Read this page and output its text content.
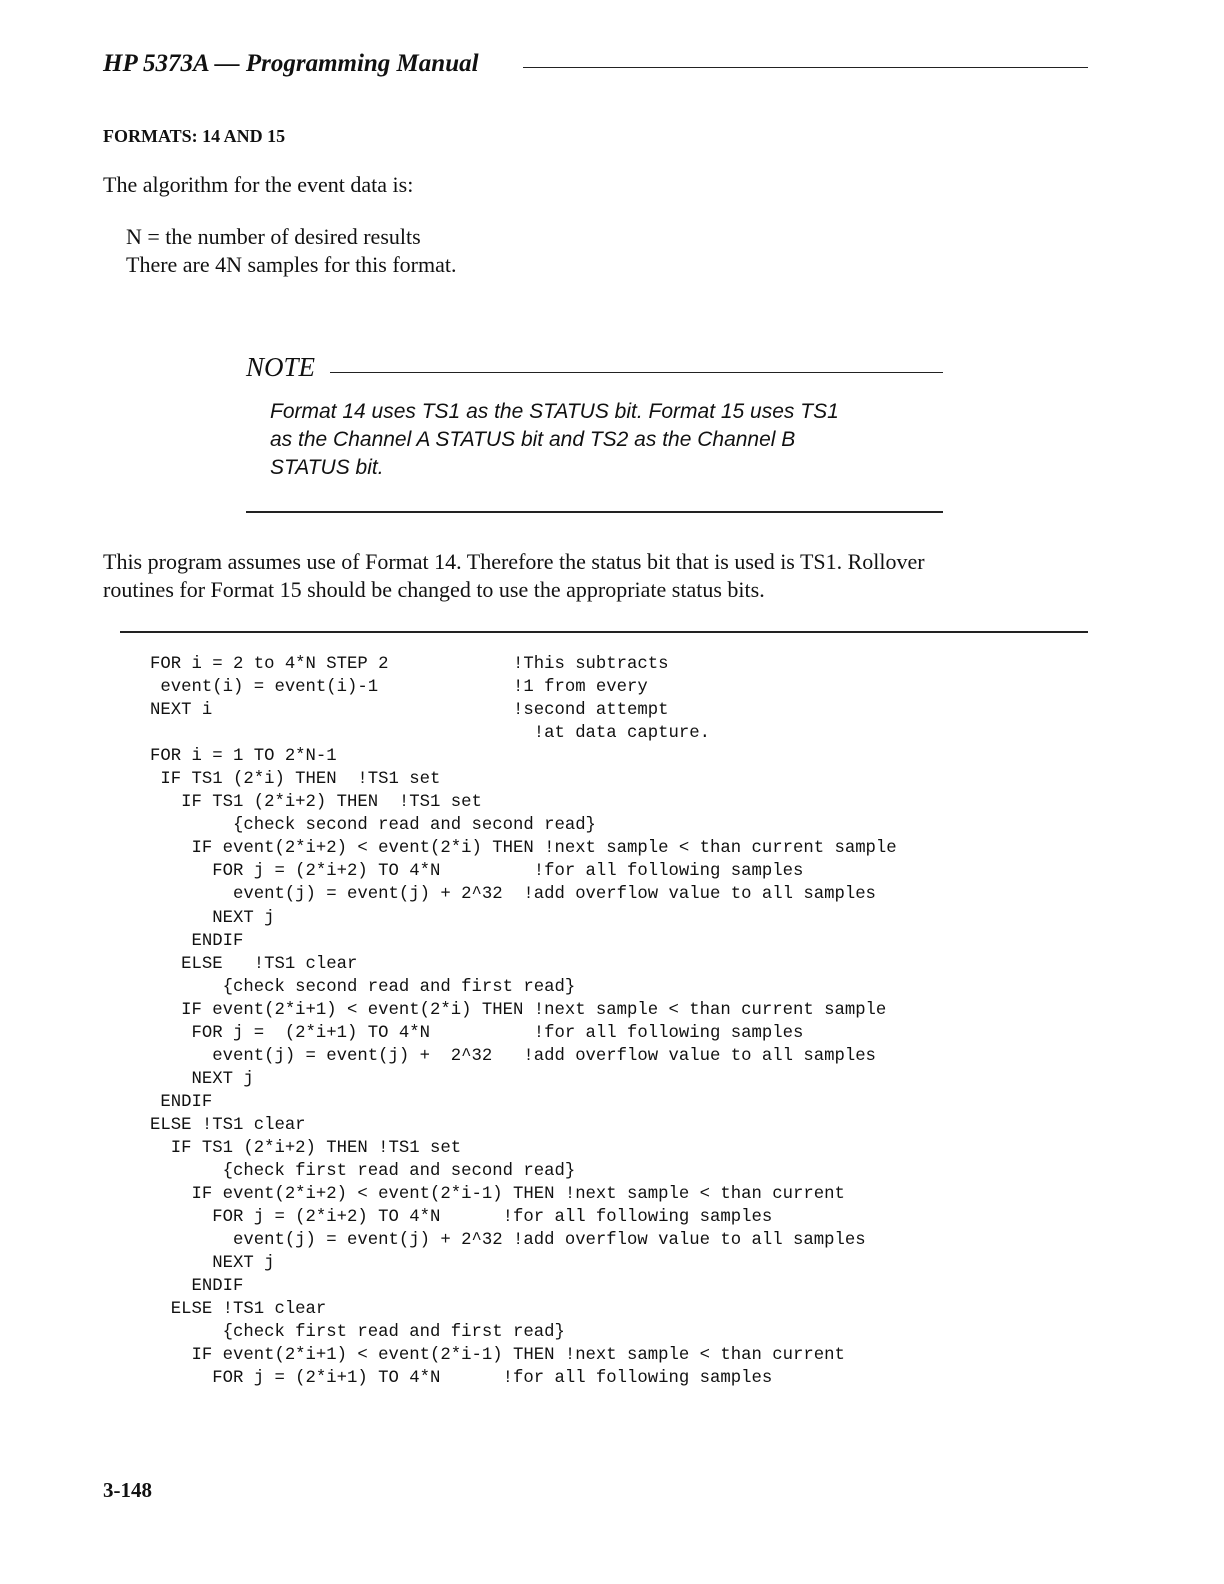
HP 5373A — Programming Manual
FORMATS: 14 AND 15
The algorithm for the event data is:
N = the number of desired results
There are 4N samples for this format.
NOTE
Format 14 uses TS1 as the STATUS bit. Format 15 uses TS1
as the Channel A STATUS bit and TS2 as the Channel B
STATUS bit.
This program assumes use of Format 14. Therefore the status bit that is used is TS1. Rollover
routines for Format 15 should be changed to use the appropriate status bits.
FOR i = 2 to 4*N STEP 2            !This subtracts
event(i) = event(i)-1             !1 from every
NEXT i                             !second attempt
!at data capture.
FOR i = 1 TO 2*N-1
IF TS1 (2*i) THEN  !TS1 set
IF TS1 (2*i+2) THEN  !TS1 set
{check second read and second read}
IF event(2*i+2) < event(2*i) THEN !next sample < than current sample
FOR j = (2*i+2) TO 4*N         !for all following samples
event(j) = event(j) + 2^32  !add overflow value to all samples
NEXT j
ENDIF
ELSE   !TS1 clear
{check second read and first read}
IF event(2*i+1) < event(2*i) THEN !next sample < than current sample
FOR j =  (2*i+1) TO 4*N          !for all following samples
event(j) = event(j) +  2^32   !add overflow value to all samples
NEXT j
ENDIF
ELSE !TS1 clear
IF TS1 (2*i+2) THEN !TS1 set
{check first read and second read}
IF event(2*i+2) < event(2*i-1) THEN !next sample < than current
FOR j = (2*i+2) TO 4*N      !for all following samples
event(j) = event(j) + 2^32 !add overflow value to all samples
NEXT j
ENDIF
ELSE !TS1 clear
{check first read and first read}
IF event(2*i+1) < event(2*i-1) THEN !next sample < than current
FOR j = (2*i+1) TO 4*N      !for all following samples
3-148
